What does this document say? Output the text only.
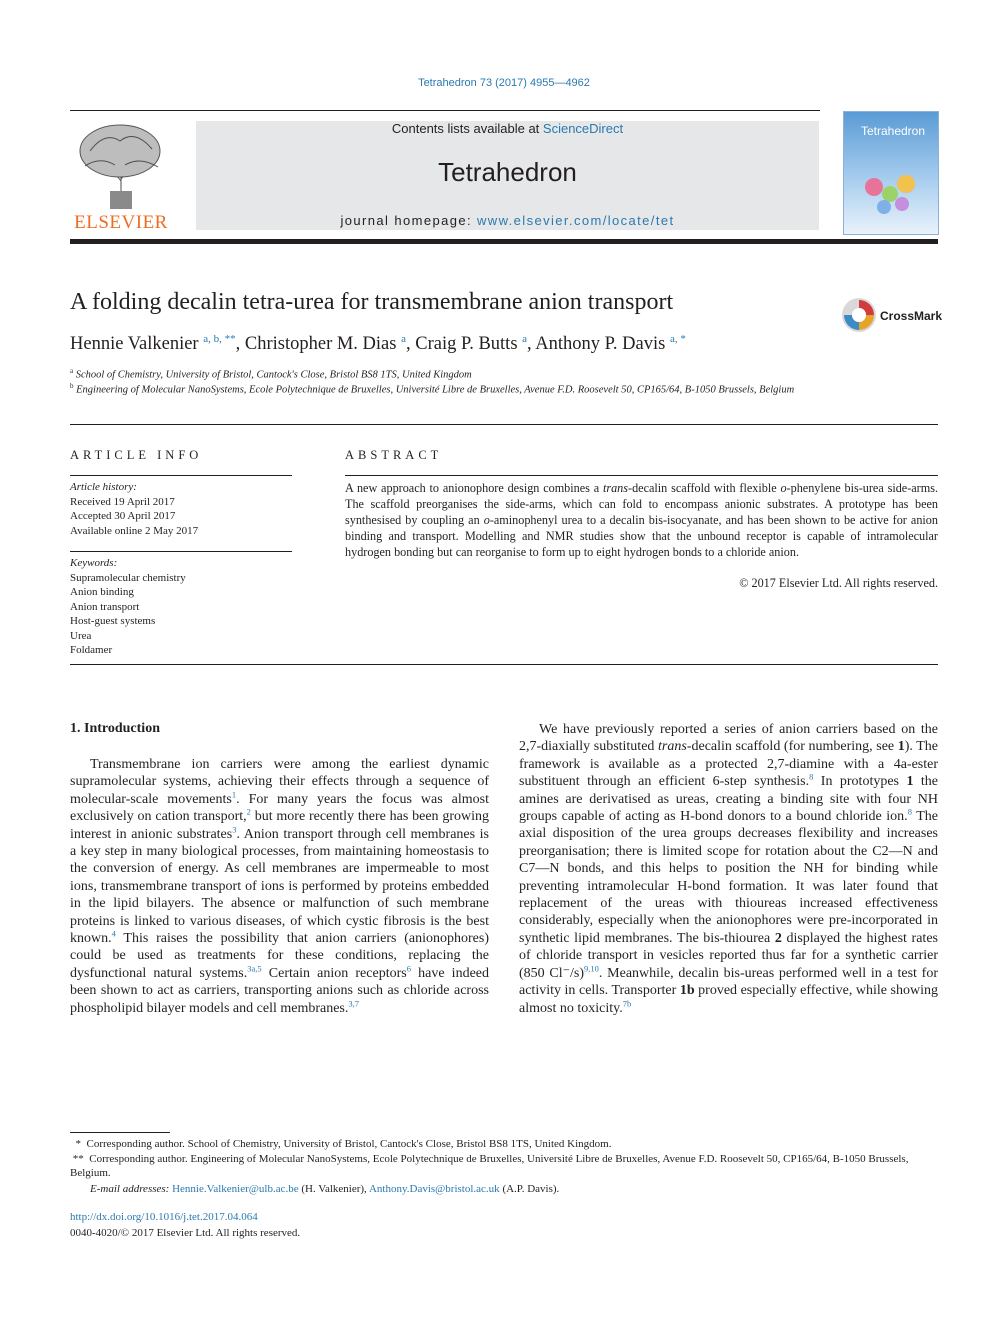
Tetrahedron 73 (2017) 4955—4962
ELSEVIER
Contents lists available at ScienceDirect
Tetrahedron
journal homepage: www.elsevier.com/locate/tet
Tetrahedron
A folding decalin tetra-urea for transmembrane anion transport
CrossMark
Hennie Valkenier $^{a, b, **}$, Christopher M. Dias $^a$, Craig P. Butts $^a$, Anthony P. Davis $^{a, *}$
$^a$ School of Chemistry, University of Bristol, Cantock's Close, Bristol BS8 1TS, United Kingdom
$^b$ Engineering of Molecular NanoSystems, Ecole Polytechnique de Bruxelles, Université Libre de Bruxelles, Avenue F.D. Roosevelt 50, CP165/64, B-1050 Brussels, Belgium
ARTICLE INFO
Article history:
Received 19 April 2017
Accepted 30 April 2017
Available online 2 May 2017
Keywords:
Supramolecular chemistry
Anion binding
Anion transport
Host-guest systems
Urea
Foldamer
ABSTRACT
A new approach to anionophore design combines a trans-decalin scaffold with flexible o-phenylene bis-urea side-arms. The scaffold preorganises the side-arms, which can fold to encompass anionic substrates. A prototype has been synthesised by coupling an o-aminophenyl urea to a decalin bis-isocyanate, and has been shown to be active for anion binding and transport. Modelling and NMR studies show that the unbound receptor is capable of intramolecular hydrogen bonding but can reorganise to form up to eight hydrogen bonds to a chloride anion.
© 2017 Elsevier Ltd. All rights reserved.
1. Introduction

Transmembrane ion carriers were among the earliest dynamic supramolecular systems, achieving their effects through a sequence of molecular-scale movements$^1$. For many years the focus was almost exclusively on cation transport,$^2$ but more recently there has been growing interest in anionic substrates$^3$. Anion transport through cell membranes is a key step in many biological processes, from maintaining homeostasis to the conversion of energy. As cell membranes are impermeable to most ions, transmembrane transport of ions is performed by proteins embedded in the lipid bilayers. The absence or malfunction of such membrane proteins is linked to various diseases, of which cystic fibrosis is the best known.$^4$ This raises the possibility that anion carriers (anionophores) could be used as treatments for these conditions, replacing the dysfunctional natural systems.$^{3a,5}$ Certain anion receptors$^6$ have indeed been shown to act as carriers, transporting anions such as chloride across phospholipid bilayer models and cell membranes.$^{3,7}$

We have previously reported a series of anion carriers based on the 2,7-diaxially substituted trans-decalin scaffold (for numbering, see 1). The framework is available as a protected 2,7-diamine with a 4a-ester substituent through an efficient 6-step synthesis.$^8$ In prototypes 1 the amines are derivatised as ureas, creating a binding site with four NH groups capable of acting as H-bond donors to a bound chloride ion.$^8$ The axial disposition of the urea groups decreases flexibility and increases preorganisation; there is limited scope for rotation about the C2—N and C7—N bonds, and this helps to position the NH for binding while preventing intramolecular H-bond formation. It was later found that replacement of the ureas with thioureas increased effectiveness considerably, especially when the anionophores were pre-incorporated in synthetic lipid membranes. The bis-thiourea 2 displayed the highest rates of chloride transport in vesicles reported thus far for a synthetic carrier (850 Cl⁻/s)$^{9,10}$. Meanwhile, decalin bis-ureas performed well in a test for activity in cells. Transporter 1b proved especially effective, while showing almost no toxicity.$^{7b}$

*  Corresponding author. School of Chemistry, University of Bristol, Cantock's Close, Bristol BS8 1TS, United Kingdom.
**  Corresponding author. Engineering of Molecular NanoSystems, Ecole Polytechnique de Bruxelles, Université Libre de Bruxelles, Avenue F.D. Roosevelt 50, CP165/64, B-1050 Brussels, Belgium.
E-mail addresses: Hennie.Valkenier@ulb.ac.be (H. Valkenier), Anthony.Davis@bristol.ac.uk (A.P. Davis).
http://dx.doi.org/10.1016/j.tet.2017.04.064
0040-4020/© 2017 Elsevier Ltd. All rights reserved.
